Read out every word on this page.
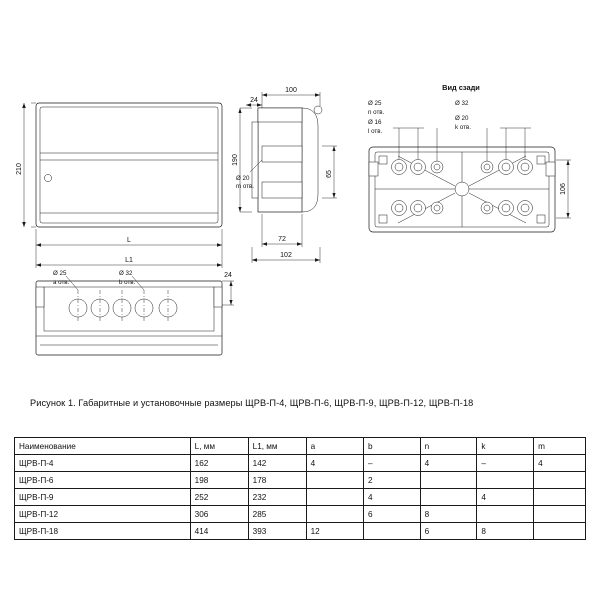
210
L
L1
Ø 25
a отв.
Ø 32
b отв.
24
100
24
190
65
Ø 20
m отв.
72
102
Вид сзади
Ø 25
n отв.
Ø 16
l отв.
Ø 32
Ø 20
k отв.
106
Рисунок 1. Габаритные и установочные размеры ЩРВ-П-4, ЩРВ-П-6, ЩРВ-П-9, ЩРВ-П-12, ЩРВ-П-18
Наименование	L, мм	L1, мм	a	b	n	k	m
ЩРВ-П-4	162	142	4	–	4	–	4
ЩРВ-П-6	198	178		2			
ЩРВ-П-9	252	232		4		4	
ЩРВ-П-12	306	285		6	8		
ЩРВ-П-18	414	393	12		6	8	
